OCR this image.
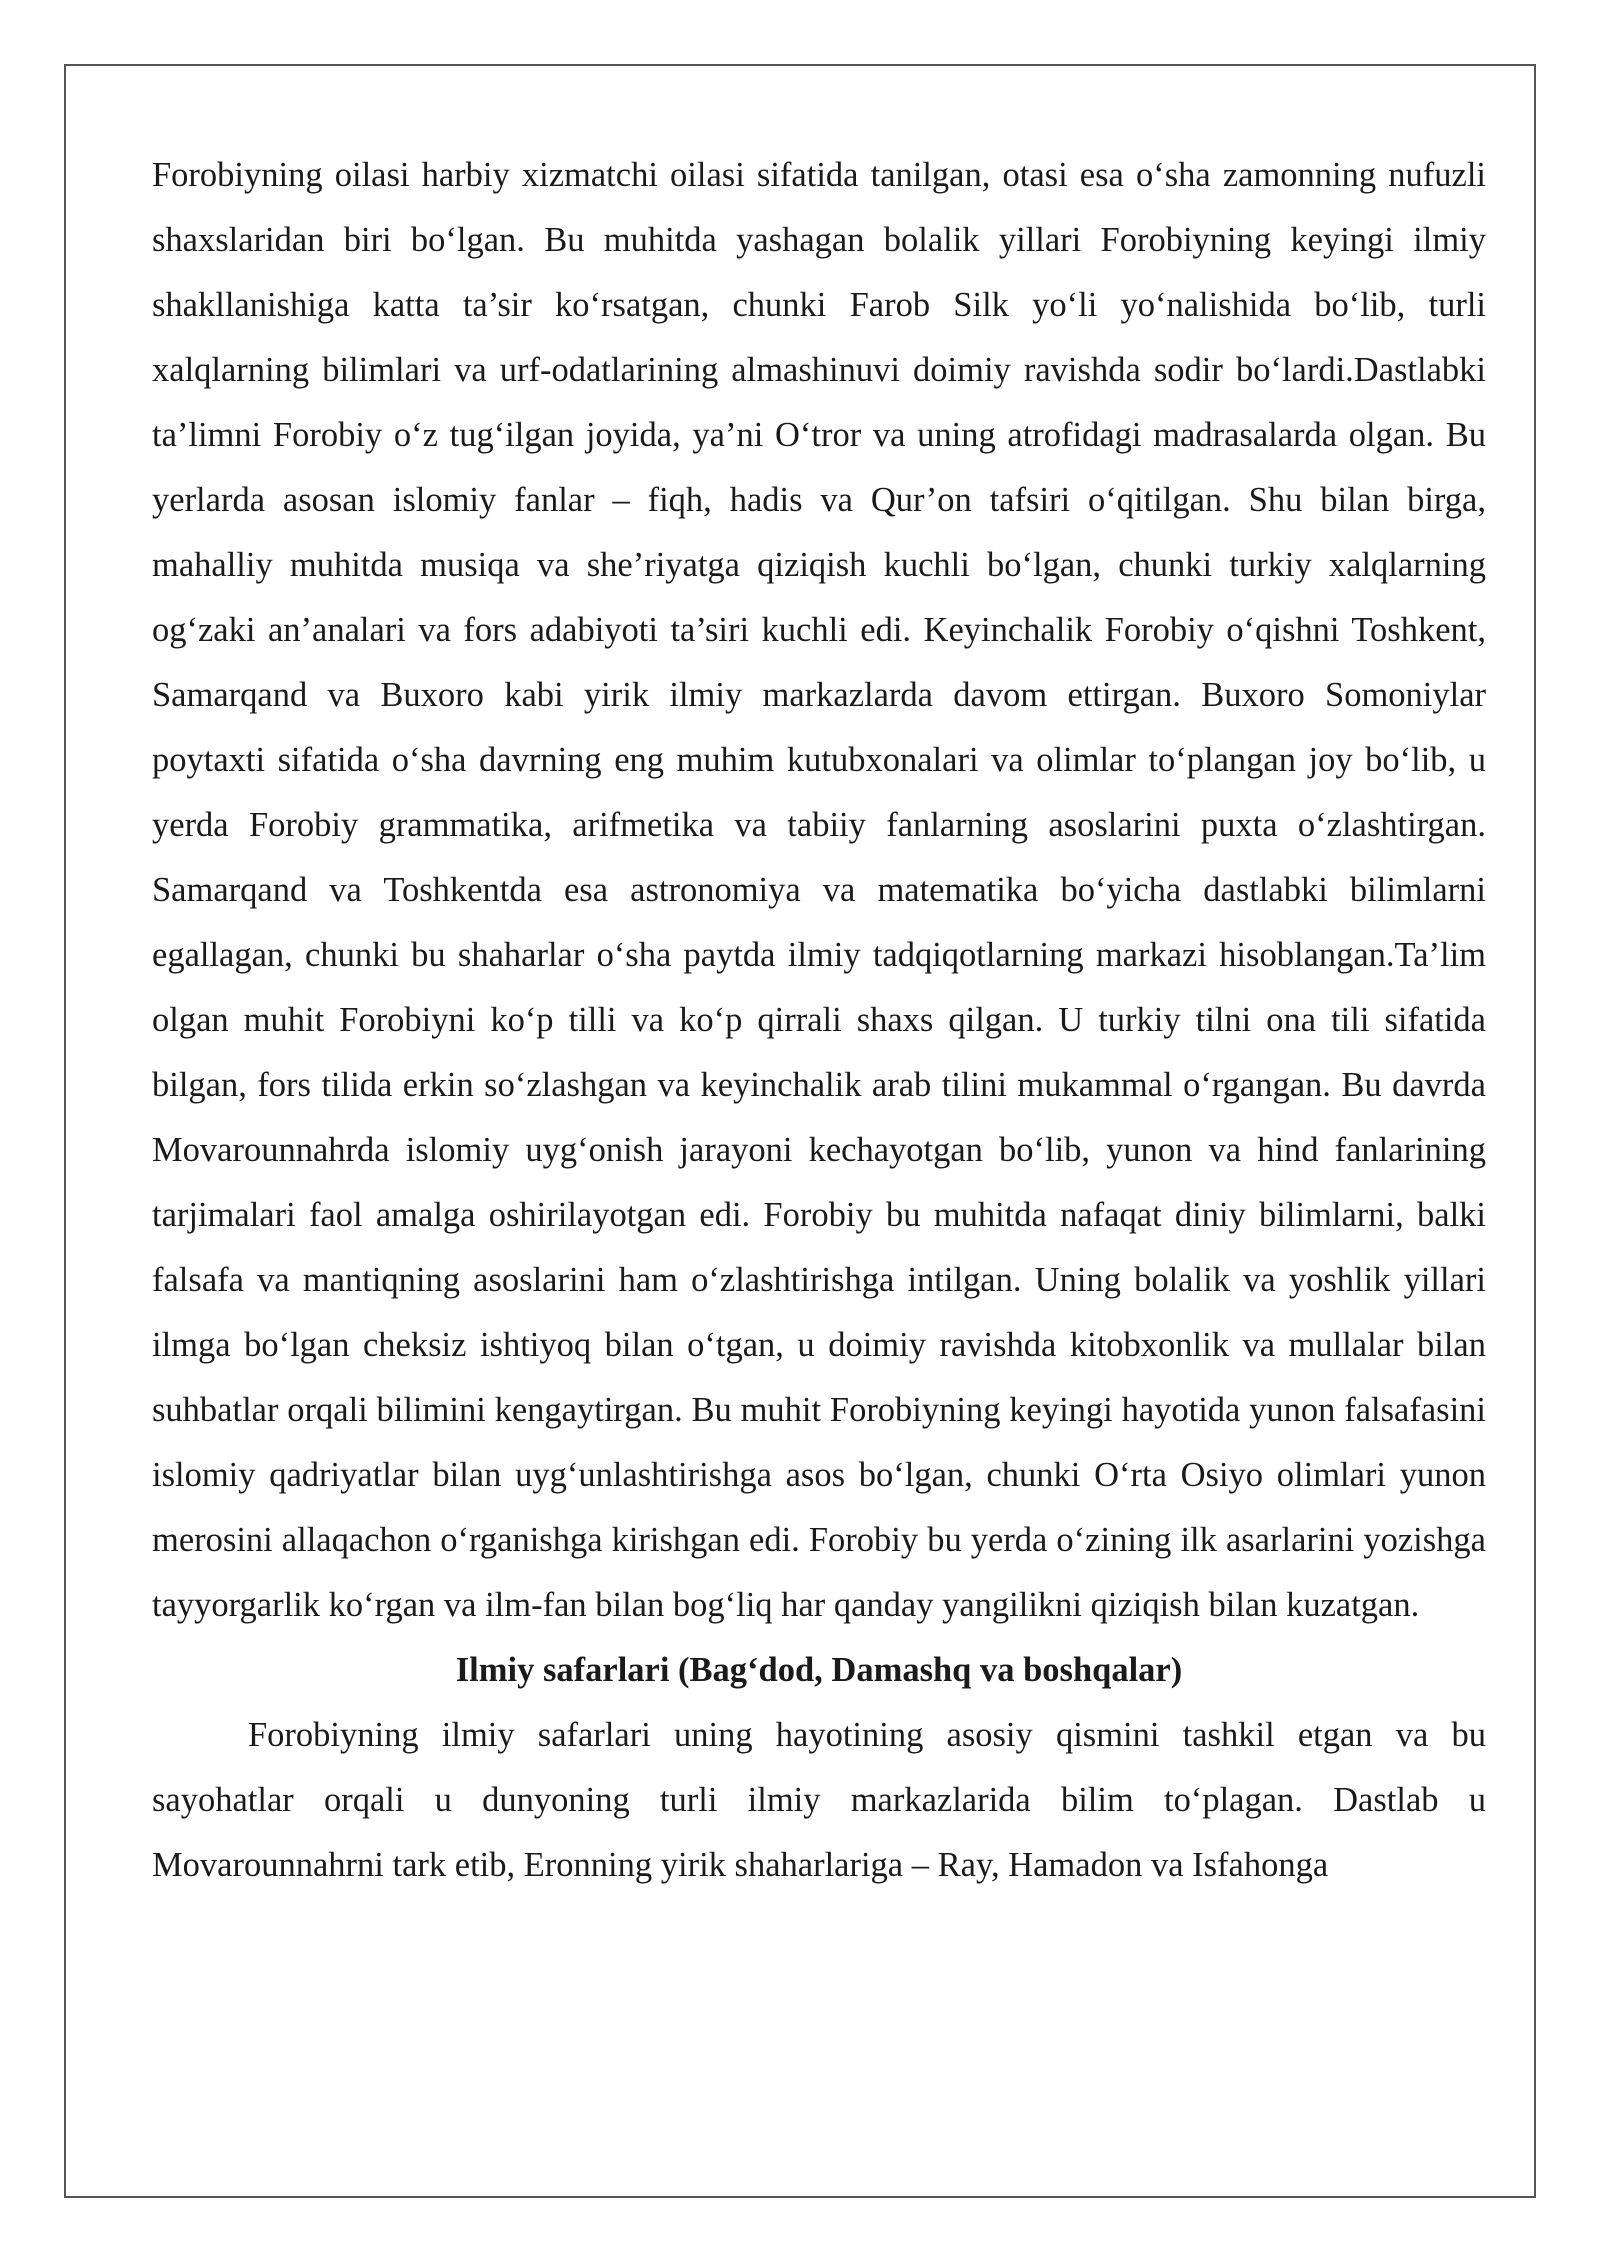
Forobiyning oilasi harbiy xizmatchi oilasi sifatida tanilgan, otasi esa o‘sha zamonning nufuzli shaxslaridan biri bo‘lgan. Bu muhitda yashagan bolalik yillari Forobiyning keyingi ilmiy shakllanishiga katta ta’sir ko‘rsatgan, chunki Farob Silk yo‘li yo‘nalishida bo‘lib, turli xalqlarning bilimlari va urf-odatlarining almashinuvi doimiy ravishda sodir bo‘lardi.Dastlabki ta’limni Forobiy o‘z tug‘ilgan joyida, ya’ni O‘tror va uning atrofidagi madrasalarda olgan. Bu yerlarda asosan islomiy fanlar – fiqh, hadis va Qur’on tafsiri o‘qitilgan. Shu bilan birga, mahalliy muhitda musiqa va she’riyatga qiziqish kuchli bo‘lgan, chunki turkiy xalqlarning og‘zaki an’analari va fors adabiyoti ta’siri kuchli edi. Keyinchalik Forobiy o‘qishni Toshkent, Samarqand va Buxoro kabi yirik ilmiy markazlarda davom ettirgan. Buxoro Somoniylar poytaxti sifatida o‘sha davrning eng muhim kutubxonalari va olimlar to‘plangan joy bo‘lib, u yerda Forobiy grammatika, arifmetika va tabiiy fanlarning asoslarini puxta o‘zlashtirgan. Samarqand va Toshkentda esa astronomiya va matematika bo‘yicha dastlabki bilimlarni egallagan, chunki bu shaharlar o‘sha paytda ilmiy tadqiqotlarning markazi hisoblangan.Ta’lim olgan muhit Forobiyni ko‘p tilli va ko‘p qirrali shaxs qilgan. U turkiy tilni ona tili sifatida bilgan, fors tilida erkin so‘zlashgan va keyinchalik arab tilini mukammal o‘rgangan. Bu davrda Movarounnahrda islomiy uyg‘onish jarayoni kechayotgan bo‘lib, yunon va hind fanlarining tarjimalari faol amalga oshirilayotgan edi. Forobiy bu muhitda nafaqat diniy bilimlarni, balki falsafa va mantiqning asoslarini ham o‘zlashtirishga intilgan. Uning bolalik va yoshlik yillari ilmga bo‘lgan cheksiz ishtiyoq bilan o‘tgan, u doimiy ravishda kitobxonlik va mullalar bilan suhbatlar orqali bilimini kengaytirgan. Bu muhit Forobiyning keyingi hayotida yunon falsafasini islomiy qadriyatlar bilan uyg‘unlashtirishga asos bo‘lgan, chunki O‘rta Osiyo olimlari yunon merosini allaqachon o‘rganishga kirishgan edi. Forobiy bu yerda o‘zining ilk asarlarini yozishga tayyorgarlik ko‘rgan va ilm-fan bilan bog‘liq har qanday yangilikni qiziqish bilan kuzatgan.

Ilmiy safarlari (Bag‘dod, Damashq va boshqalar)

Forobiyning ilmiy safarlari uning hayotining asosiy qismini tashkil etgan va bu sayohatlar orqali u dunyoning turli ilmiy markazlarida bilim to‘plagan. Dastlab u Movarounnahrni tark etib, Eronning yirik shaharlariga – Ray, Hamadon va Isfahonga
